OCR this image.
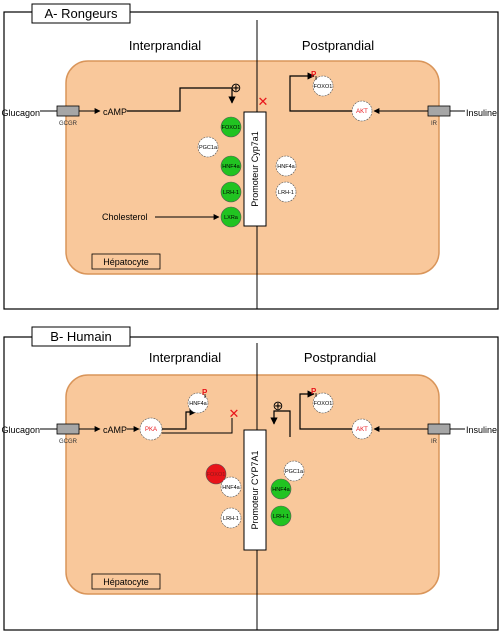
A- Rongeurs
Interprandial	Postprandial
Glucagon
GCGR
cAMP
⊕
Promoteur Cyp7a1
✕
FOXO1
PGC1a
HNF4a
LRH-1
LXRa
Cholesterol
HNF4a
LRH-1
Insuline
IR
AKT
FOXO1
P
Hépatocyte
B- Humain
Interprandial	Postprandial
Glucagon
GCGR
cAMP	PKA
HNF4a
P
✕
Promoteur CYP7A1
⊕
FOXO1
HNF4a
LRH-1
PGC1a
HNF4a
LRH-1
Insuline
IR
AKT
FOXO1
P
Hépatocyte
